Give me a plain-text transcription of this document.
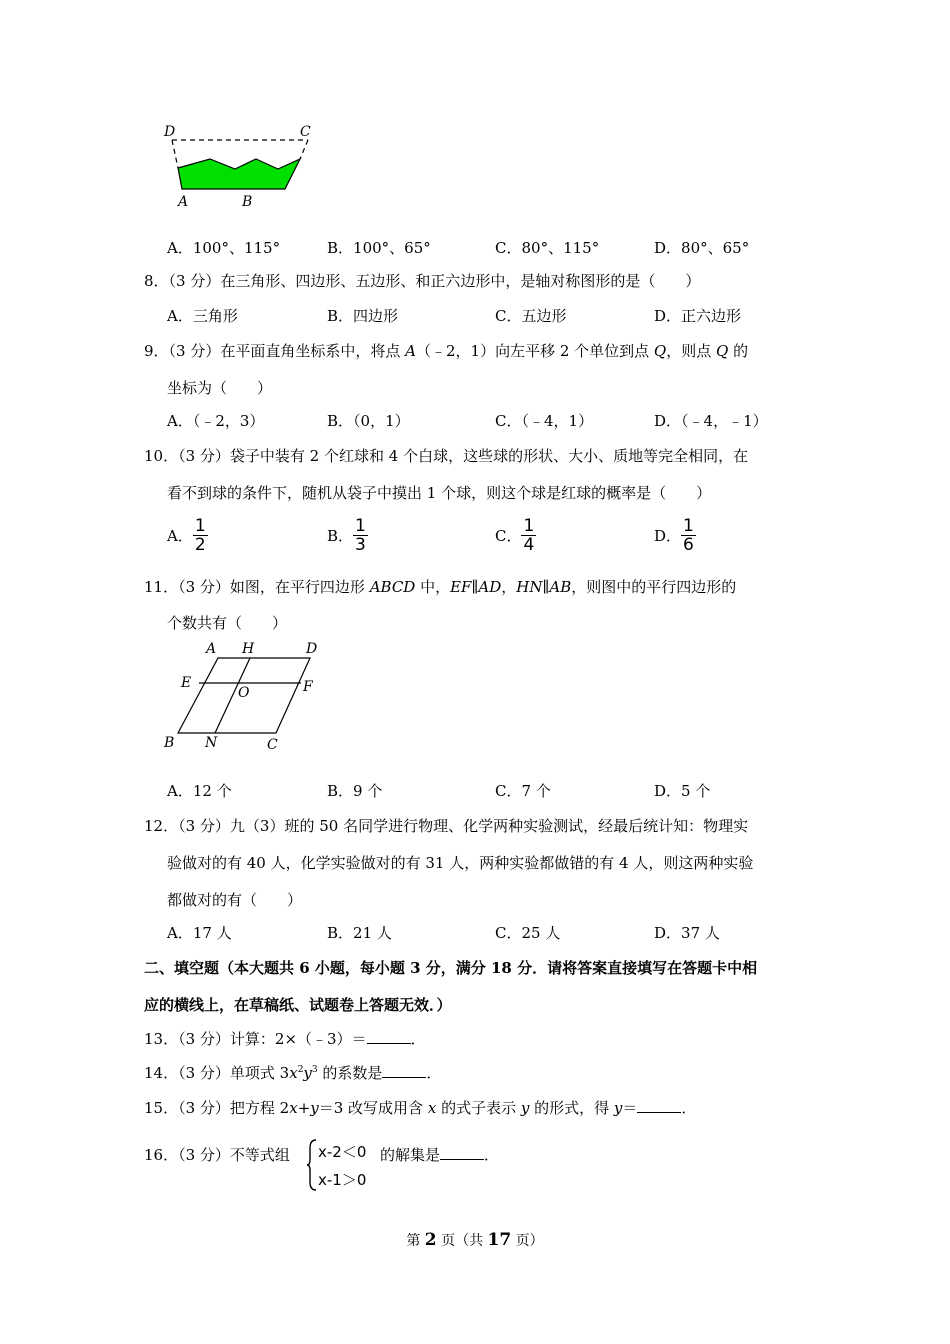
D	C
A	B
A．100°、115°	B．100°、65°	C．80°、115°	D．80°、65°
8．（3 分）在三角形、四边形、五边形、和正六边形中，是轴对称图形的是（　　）
A．三角形	B．四边形	C．五边形	D．正六边形
9．（3 分）在平面直角坐标系中，将点 A（﹣2，1）向左平移 2 个单位到点 Q，则点 Q 的
坐标为（　　）
A．（﹣2，3）	B．（0，1）	C．（﹣4，1）	D．（﹣4，﹣1）
10．（3 分）袋子中装有 2 个红球和 4 个白球，这些球的形状、大小、质地等完全相同，在
看不到球的条件下，随机从袋子中摸出 1 个球，则这个球是红球的概率是（　　）
A． $\frac{1}{2}$	B． $\frac{1}{3}$	C． $\frac{1}{4}$	D． $\frac{1}{6}$
11．（3 分）如图，在平行四边形 ABCD 中，EF∥AD，HN∥AB，则图中的平行四边形的
个数共有（　　）
A H	D
E
O	F
B N	C
A．12 个	B．9 个	C．7 个	D．5 个
12．（3 分）九（3）班的 50 名同学进行物理、化学两种实验测试，经最后统计知：物理实
验做对的有 40 人，化学实验做对的有 31 人，两种实验都做错的有 4 人，则这两种实验
都做对的有（　　）
A．17 人	B．21 人	C．25 人	D．37 人
二、填空题（本大题共 6 小题，每小题 3 分，满分 18 分．请将答案直接填写在答题卡中相
应的横线上，在草稿纸、试题卷上答题无效．）
13．（3 分）计算：2×（﹣3）＝	．
14．（3 分）单项式 $3x^2y^3$ 的系数是	．
15．（3 分）把方程 2x+y＝3 改写成用含 x 的式子表示 y 的形式，得 y＝	．
16．（3 分）不等式组 x-2＜0
x-1＞0
的解集是	．
第 2 页（共 17 页）
